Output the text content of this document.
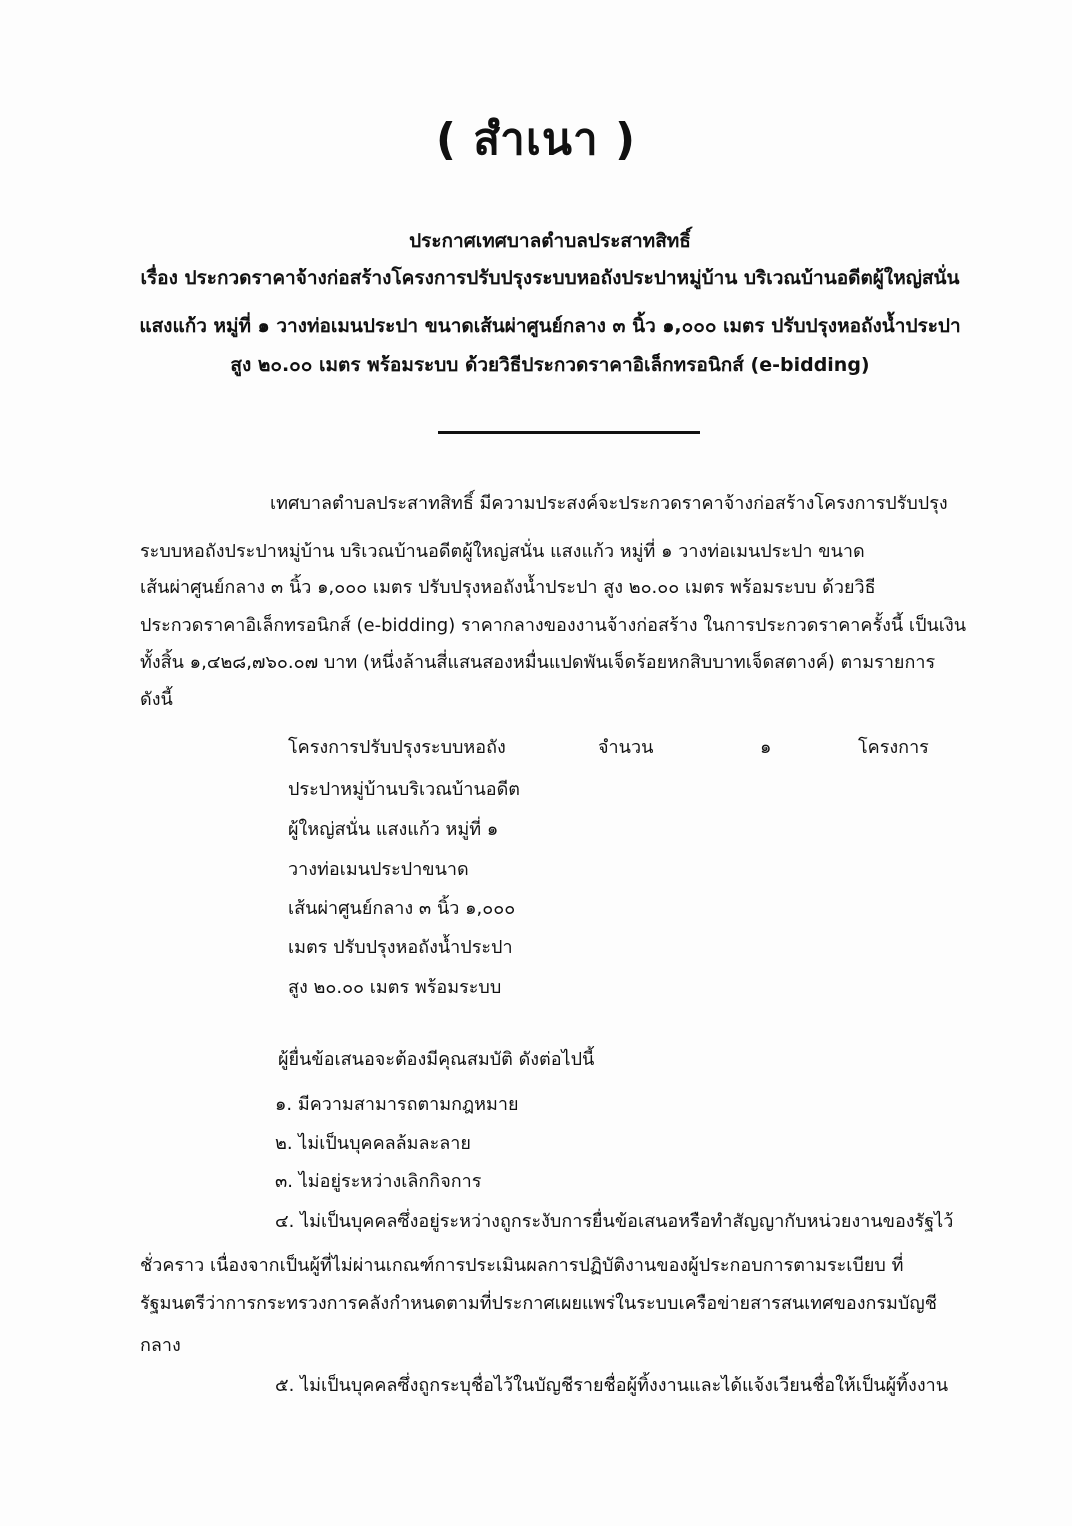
( สำเนา )
ประกาศเทศบาลตำบลประสาทสิทธิ์
เรื่อง ประกวดราคาจ้างก่อสร้างโครงการปรับปรุงระบบหอถังประปาหมู่บ้าน บริเวณบ้านอดีตผู้ใหญ่สนั่น
แสงแก้ว หมู่ที่ ๑ วางท่อเมนประปา ขนาดเส้นผ่าศูนย์กลาง ๓ นิ้ว ๑,๐๐๐ เมตร ปรับปรุงหอถังน้ำประปา
สูง ๒๐.๐๐ เมตร พร้อมระบบ ด้วยวิธีประกวดราคาอิเล็กทรอนิกส์ (e-bidding)
เทศบาลตำบลประสาทสิทธิ์ มีความประสงค์จะประกวดราคาจ้างก่อสร้างโครงการปรับปรุง
ระบบหอถังประปาหมู่บ้าน บริเวณบ้านอดีตผู้ใหญ่สนั่น แสงแก้ว หมู่ที่ ๑ วางท่อเมนประปา ขนาด
เส้นผ่าศูนย์กลาง ๓ นิ้ว ๑,๐๐๐ เมตร ปรับปรุงหอถังน้ำประปา สูง ๒๐.๐๐ เมตร พร้อมระบบ ด้วยวิธี
ประกวดราคาอิเล็กทรอนิกส์ (e-bidding) ราคากลางของงานจ้างก่อสร้าง ในการประกวดราคาครั้งนี้ เป็นเงิน
ทั้งสิ้น ๑,๔๒๘,๗๖๐.๐๗ บาท (หนึ่งล้านสี่แสนสองหมื่นแปดพันเจ็ดร้อยหกสิบบาทเจ็ดสตางค์) ตามรายการ
ดังนี้
โครงการปรับปรุงระบบหอถัง	จำนวน	๑	โครงการ
ประปาหมู่บ้านบริเวณบ้านอดีต
ผู้ใหญ่สนั่น แสงแก้ว หมู่ที่ ๑
วางท่อเมนประปาขนาด
เส้นผ่าศูนย์กลาง ๓ นิ้ว ๑,๐๐๐
เมตร ปรับปรุงหอถังน้ำประปา
สูง ๒๐.๐๐ เมตร พร้อมระบบ
ผู้ยื่นข้อเสนอจะต้องมีคุณสมบัติ ดังต่อไปนี้
๑. มีความสามารถตามกฎหมาย
๒. ไม่เป็นบุคคลล้มละลาย
๓. ไม่อยู่ระหว่างเลิกกิจการ
๔. ไม่เป็นบุคคลซึ่งอยู่ระหว่างถูกระงับการยื่นข้อเสนอหรือทำสัญญากับหน่วยงานของรัฐไว้
ชั่วคราว เนื่องจากเป็นผู้ที่ไม่ผ่านเกณฑ์การประเมินผลการปฏิบัติงานของผู้ประกอบการตามระเบียบ ที่
รัฐมนตรีว่าการกระทรวงการคลังกำหนดตามที่ประกาศเผยแพร่ในระบบเครือข่ายสารสนเทศของกรมบัญชี
กลาง
๕. ไม่เป็นบุคคลซึ่งถูกระบุชื่อไว้ในบัญชีรายชื่อผู้ทิ้งงานและได้แจ้งเวียนชื่อให้เป็นผู้ทิ้งงาน
